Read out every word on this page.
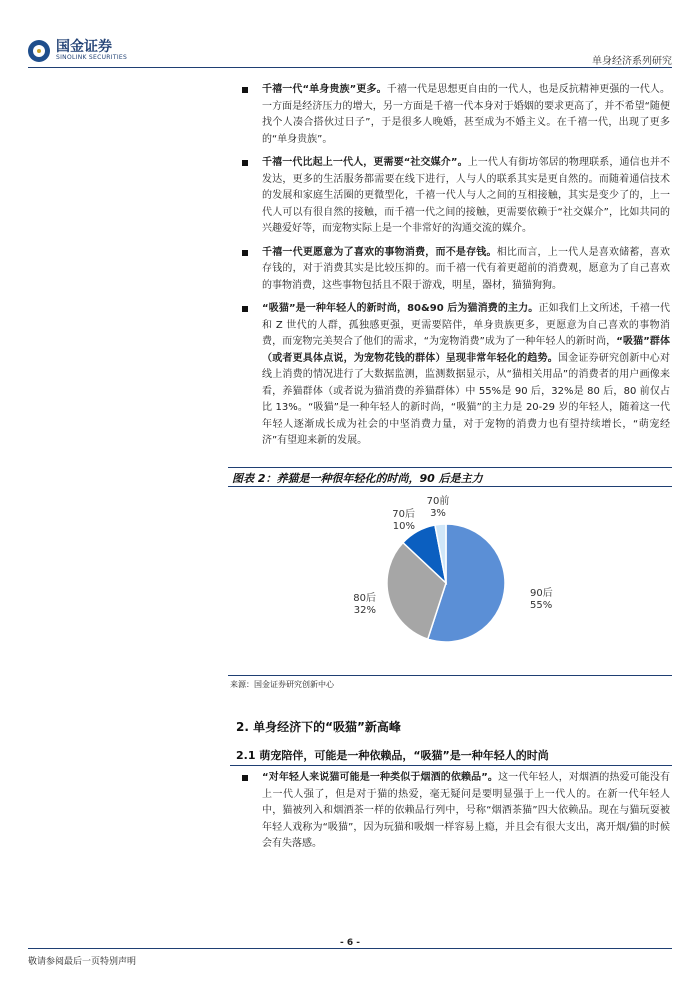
国金证券
SINOLINK SECURITIES	单身经济系列研究
千禧一代“单身贵族”更多。千禧一代是思想更自由的一代人，也是反抗精神更强的一代人。一方面是经济压力的增大，另一方面是千禧一代本身对于婚姻的要求更高了，并不希望“随便找个人凑合搭伙过日子”，于是很多人晚婚，甚至成为不婚主义。在千禧一代，出现了更多的“单身贵族”。
千禧一代比起上一代人，更需要“社交媒介”。上一代人有街坊邻居的物理联系，通信也并不发达，更多的生活服务都需要在线下进行，人与人的联系其实是更自然的。而随着通信技术的发展和家庭生活圈的更微型化，千禧一代人与人之间的互相接触，其实是变少了的，上一代人可以有很自然的接触，而千禧一代之间的接触，更需要依赖于“社交媒介”，比如共同的兴趣爱好等，而宠物实际上是一个非常好的沟通交流的媒介。
千禧一代更愿意为了喜欢的事物消费，而不是存钱。相比而言，上一代人是喜欢储蓄，喜欢存钱的，对于消费其实是比较压抑的。而千禧一代有着更超前的消费观，愿意为了自己喜欢的事物消费，这些事物包括且不限于游戏，明星，器材，猫猫狗狗。
“吸猫”是一种年轻人的新时尚，80&90 后为猫消费的主力。正如我们上文所述，千禧一代和 Z 世代的人群，孤独感更强，更需要陪伴，单身贵族更多，更愿意为自己喜欢的事物消费，而宠物完美契合了他们的需求，“为宠物消费”成为了一种年轻人的新时尚，“吸猫”群体（或者更具体点说，为宠物花钱的群体）呈现非常年轻化的趋势。国金证券研究创新中心对线上消费的情况进行了大数据监测，监测数据显示，从“猫相关用品”的消费者的用户画像来看，养猫群体（或者说为猫消费的养猫群体）中 55%是 90 后，32%是 80 后，80 前仅占比 13%。“吸猫”是一种年轻人的新时尚，“吸猫”的主力是 20-29 岁的年轻人，随着这一代年轻人逐渐成长成为社会的中坚消费力量，对于宠物的消费力也有望持续增长，“萌宠经济”有望迎来新的发展。
图表 2：养猫是一种很年轻化的时尚，90 后是主力
90后
55%
80后
32%
70后
10%
70前
3%
来源：国金证券研究创新中心
2. 单身经济下的“吸猫”新高峰
2.1 萌宠陪伴，可能是一种依赖品，“吸猫”是一种年轻人的时尚
“对年轻人来说猫可能是一种类似于烟酒的依赖品”。这一代年轻人，对烟酒的热爱可能没有上一代人强了，但是对于猫的热爱，毫无疑问是要明显强于上一代人的。在新一代年轻人中，猫被列入和烟酒茶一样的依赖品行列中，号称“烟酒茶猫”四大依赖品。现在与猫玩耍被年轻人戏称为“吸猫”，因为玩猫和吸烟一样容易上瘾，并且会有很大支出，离开烟/猫的时候会有失落感。
- 6 -
敬请参阅最后一页特别声明
